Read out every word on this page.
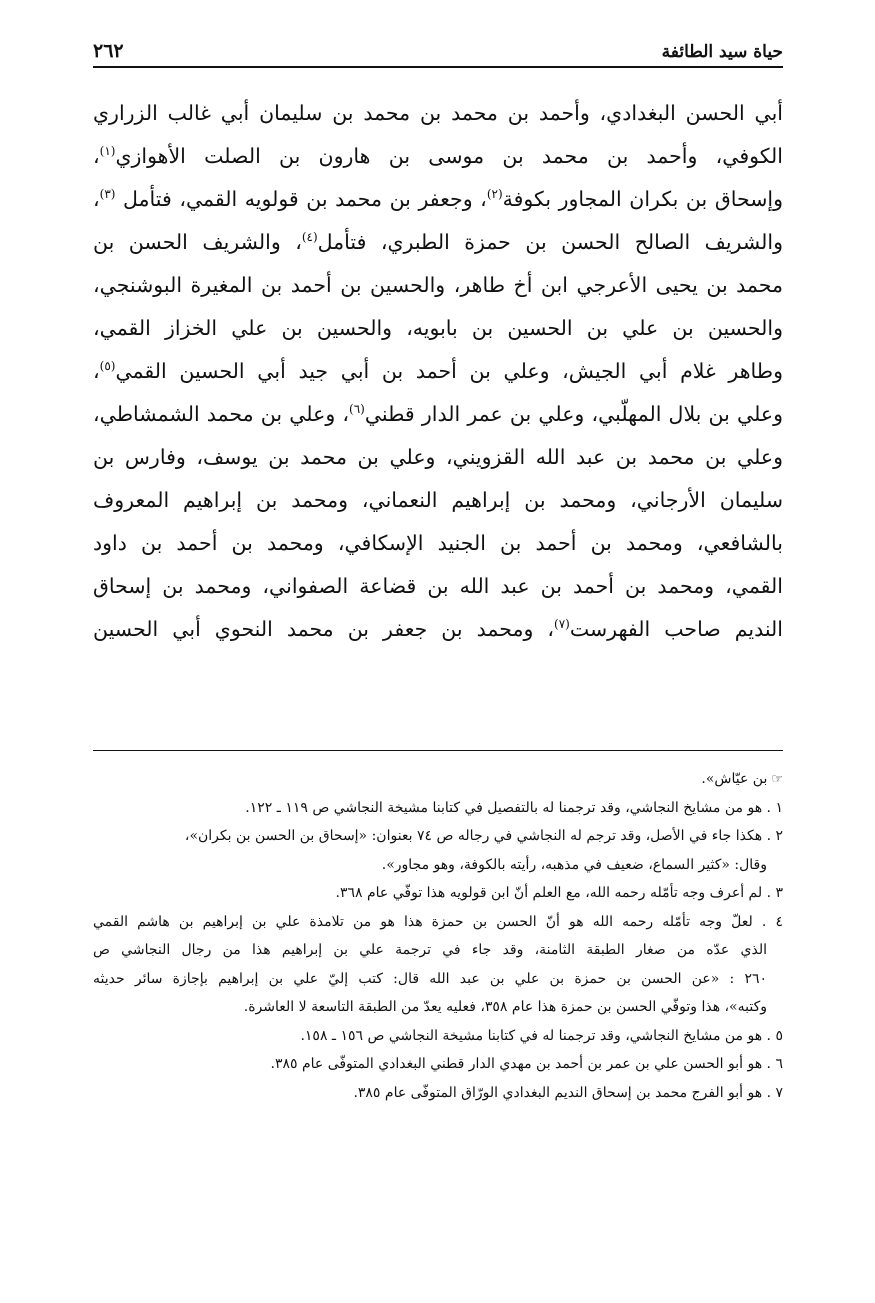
حياة سيد الطائفة
٢٦٢
أبي الحسن البغدادي، وأحمد بن محمد بن محمد بن سليمان أبي غالب الزراري
الكوفي، وأحمد بن محمد بن موسى بن هارون بن الصلت الأهوازي$^{(١)}$،
وإسحاق بن بكران المجاور بكوفة$^{(٢)}$، وجعفر بن محمد بن قولويه القمي، فتأمل $^{(٣)}$،
والشريف الصالح الحسن بن حمزة الطبري، فتأمل$^{(٤)}$، والشريف الحسن بن
محمد بن يحيى الأعرجي ابن أخ طاهر، والحسين بن أحمد بن المغيرة البوشنجي،
والحسين بن علي بن الحسين بن بابويه، والحسين بن علي الخزاز القمي،
وطاهر غلام أبي الجيش، وعلي بن أحمد بن أبي جيد أبي الحسين القمي$^{(٥)}$،
وعلي بن بلال المهلّبي، وعلي بن عمر الدار قطني$^{(٦)}$، وعلي بن محمد الشمشاطي،
وعلي بن محمد بن عبد الله القزويني، وعلي بن محمد بن يوسف، وفارس بن
سليمان الأرجاني، ومحمد بن إبراهيم النعماني، ومحمد بن إبراهيم المعروف
بالشافعي، ومحمد بن أحمد بن الجنيد الإسكافي، ومحمد بن أحمد بن داود
القمي، ومحمد بن أحمد بن عبد الله بن قضاعة الصفواني، ومحمد بن إسحاق
النديم صاحب الفهرست$^{(٧)}$، ومحمد بن جعفر بن محمد النحوي أبي الحسين
☞بن عيّاش».
١ . هو من مشايخ النجاشي، وقد ترجمنا له بالتفصيل في كتابنا مشيخة النجاشي ص ١١٩ ـ ١٢٢.
٢ . هكذا جاء في الأصل، وقد ترجم له النجاشي في رجاله ص ٧٤ بعنوان: «إسحاق بن الحسن بن بكران»،
وقال: «كثير السماع، ضعيف في مذهبه، رأيته بالكوفة، وهو مجاور».
٣ . لم أعرف وجه تأمّله رحمه الله، مع العلم أنّ ابن قولويه هذا توفّي عام ٣٦٨.
٤ . لعلّ وجه تأمّله رحمه الله هو أنّ الحسن بن حمزة هذا هو من تلامذة علي بن إبراهيم بن هاشم القمي
الذي عدّه من صغار الطبقة الثامنة، وقد جاء في ترجمة علي بن إبراهيم هذا من رجال النجاشي ص
٢٦٠ : «عن الحسن بن حمزة بن علي بن عبد الله قال: كتب إليّ علي بن إبراهيم بإجازة سائر حديثه
وكتبه»، هذا وتوفّي الحسن بن حمزة هذا عام ٣٥٨، فعليه يعدّ من الطبقة التاسعة لا العاشرة.
٥ . هو من مشايخ النجاشي، وقد ترجمنا له في كتابنا مشيخة النجاشي ص ١٥٦ ـ ١٥٨.
٦ . هو أبو الحسن علي بن عمر بن أحمد بن مهدي الدار قطني البغدادي المتوفّى عام ٣٨٥.
٧ . هو أبو الفرج محمد بن إسحاق النديم البغدادي الورّاق المتوفّى عام ٣٨٥.
